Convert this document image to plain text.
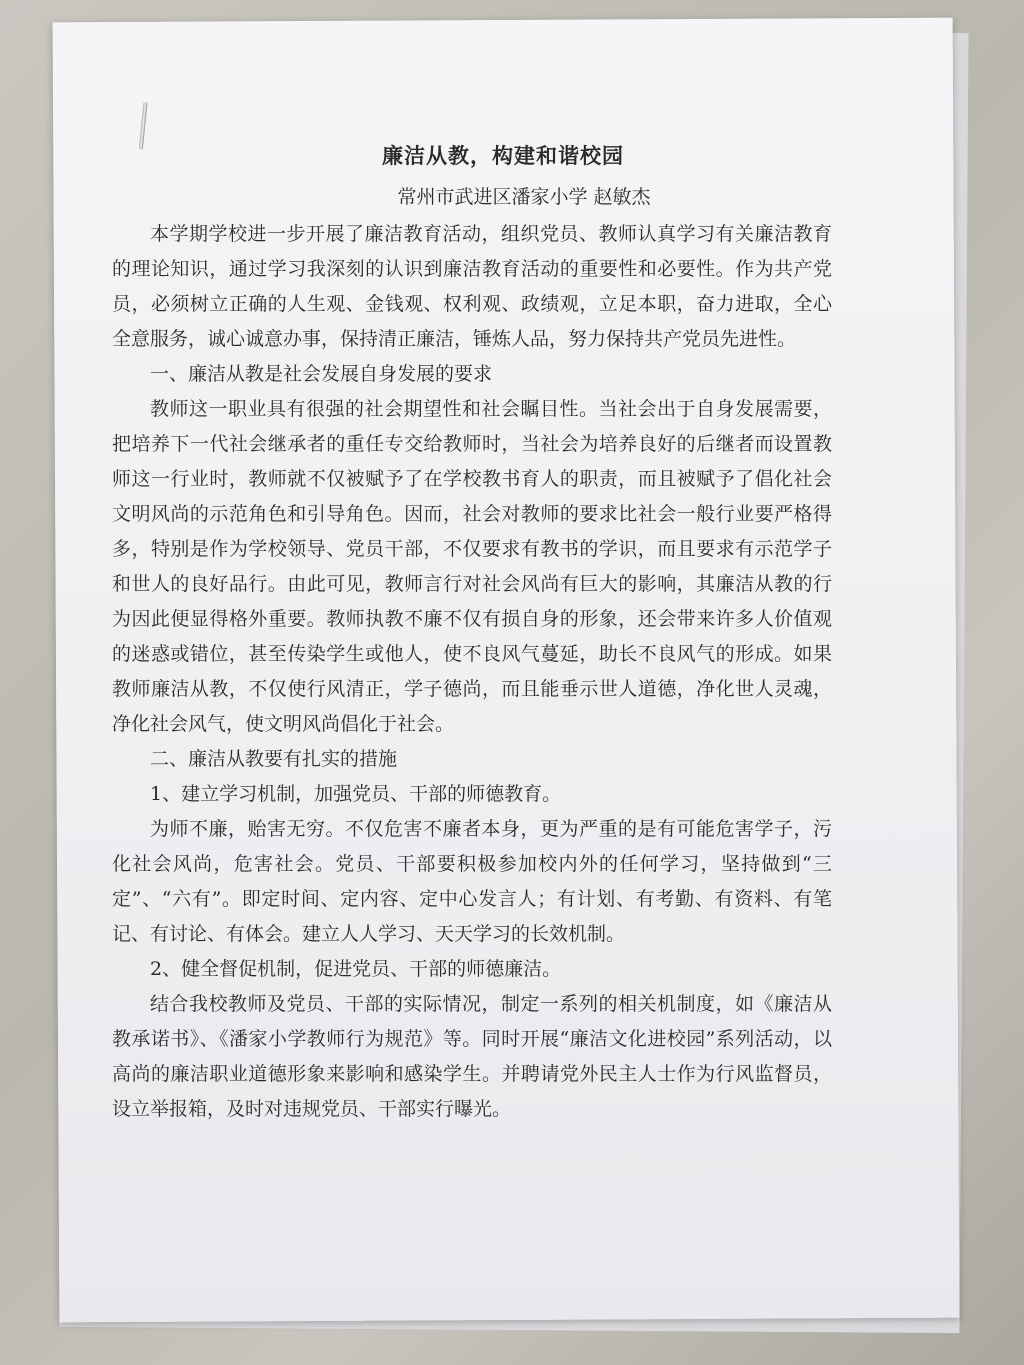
廉洁从教，构建和谐校园
常州市武进区潘家小学 赵敏杰

本学期学校进一步开展了廉洁教育活动，组织党员、教师认真学习有关廉洁教育的理论知识，通过学习我深刻的认识到廉洁教育活动的重要性和必要性。作为共产党员，必须树立正确的人生观、金钱观、权利观、政绩观，立足本职，奋力进取，全心全意服务，诚心诚意办事，保持清正廉洁，锤炼人品，努力保持共产党员先进性。

一、廉洁从教是社会发展自身发展的要求

教师这一职业具有很强的社会期望性和社会瞩目性。当社会出于自身发展需要，把培养下一代社会继承者的重任专交给教师时，当社会为培养良好的后继者而设置教师这一行业时，教师就不仅被赋予了在学校教书育人的职责，而且被赋予了倡化社会文明风尚的示范角色和引导角色。因而，社会对教师的要求比社会一般行业要严格得多，特别是作为学校领导、党员干部，不仅要求有教书的学识，而且要求有示范学子和世人的良好品行。由此可见，教师言行对社会风尚有巨大的影响，其廉洁从教的行为因此便显得格外重要。教师执教不廉不仅有损自身的形象，还会带来许多人价值观的迷惑或错位，甚至传染学生或他人，使不良风气蔓延，助长不良风气的形成。如果教师廉洁从教，不仅使行风清正，学子德尚，而且能垂示世人道德，净化世人灵魂，净化社会风气，使文明风尚倡化于社会。

二、廉洁从教要有扎实的措施

1、建立学习机制，加强党员、干部的师德教育。

为师不廉，贻害无穷。不仅危害不廉者本身，更为严重的是有可能危害学子，污化社会风尚，危害社会。党员、干部要积极参加校内外的任何学习，坚持做到“三定”、“六有”。即定时间、定内容、定中心发言人；有计划、有考勤、有资料、有笔记、有讨论、有体会。建立人人学习、天天学习的长效机制。

2、健全督促机制，促进党员、干部的师德廉洁。

结合我校教师及党员、干部的实际情况，制定一系列的相关机制度，如《廉洁从教承诺书》、《潘家小学教师行为规范》等。同时开展“廉洁文化进校园”系列活动，以高尚的廉洁职业道德形象来影响和感染学生。并聘请党外民主人士作为行风监督员，设立举报箱，及时对违规党员、干部实行曝光。
